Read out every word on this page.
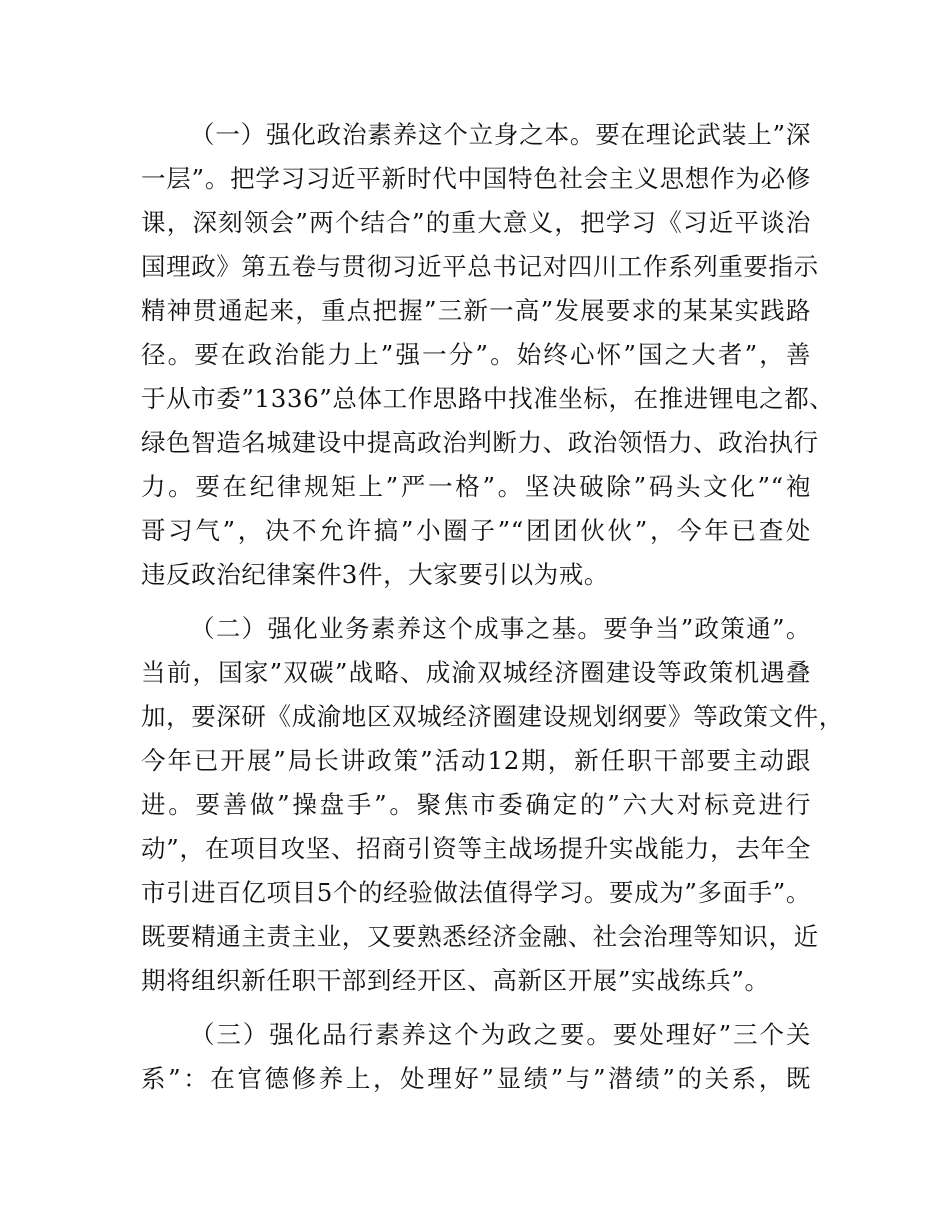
（一）强化政治素养这个立身之本。要在理论武装上”深
一层”。把学习习近平新时代中国特色社会主义思想作为必修
课，深刻领会”两个结合”的重大意义，把学习《习近平谈治
国理政》第五卷与贯彻习近平总书记对四川工作系列重要指示
精神贯通起来，重点把握”三新一高”发展要求的某某实践路
径。要在政治能力上”强一分”。始终心怀”国之大者”，善
于从市委”1336”总体工作思路中找准坐标，在推进锂电之都、
绿色智造名城建设中提高政治判断力、政治领悟力、政治执行
力。要在纪律规矩上”严一格”。坚决破除”码头文化”“袍
哥习气”，决不允许搞”小圈子”“团团伙伙”，今年已查处
违反政治纪律案件3件，大家要引以为戒。
（二）强化业务素养这个成事之基。要争当”政策通”。
当前，国家”双碳”战略、成渝双城经济圈建设等政策机遇叠
加，要深研《成渝地区双城经济圈建设规划纲要》等政策文件，
今年已开展”局长讲政策”活动12期，新任职干部要主动跟
进。要善做”操盘手”。聚焦市委确定的”六大对标竞进行
动”，在项目攻坚、招商引资等主战场提升实战能力，去年全
市引进百亿项目5个的经验做法值得学习。要成为”多面手”。
既要精通主责主业，又要熟悉经济金融、社会治理等知识，近
期将组织新任职干部到经开区、高新区开展”实战练兵”。
（三）强化品行素养这个为政之要。要处理好”三个关
系”：在官德修养上，处理好”显绩”与”潜绩”的关系，既
